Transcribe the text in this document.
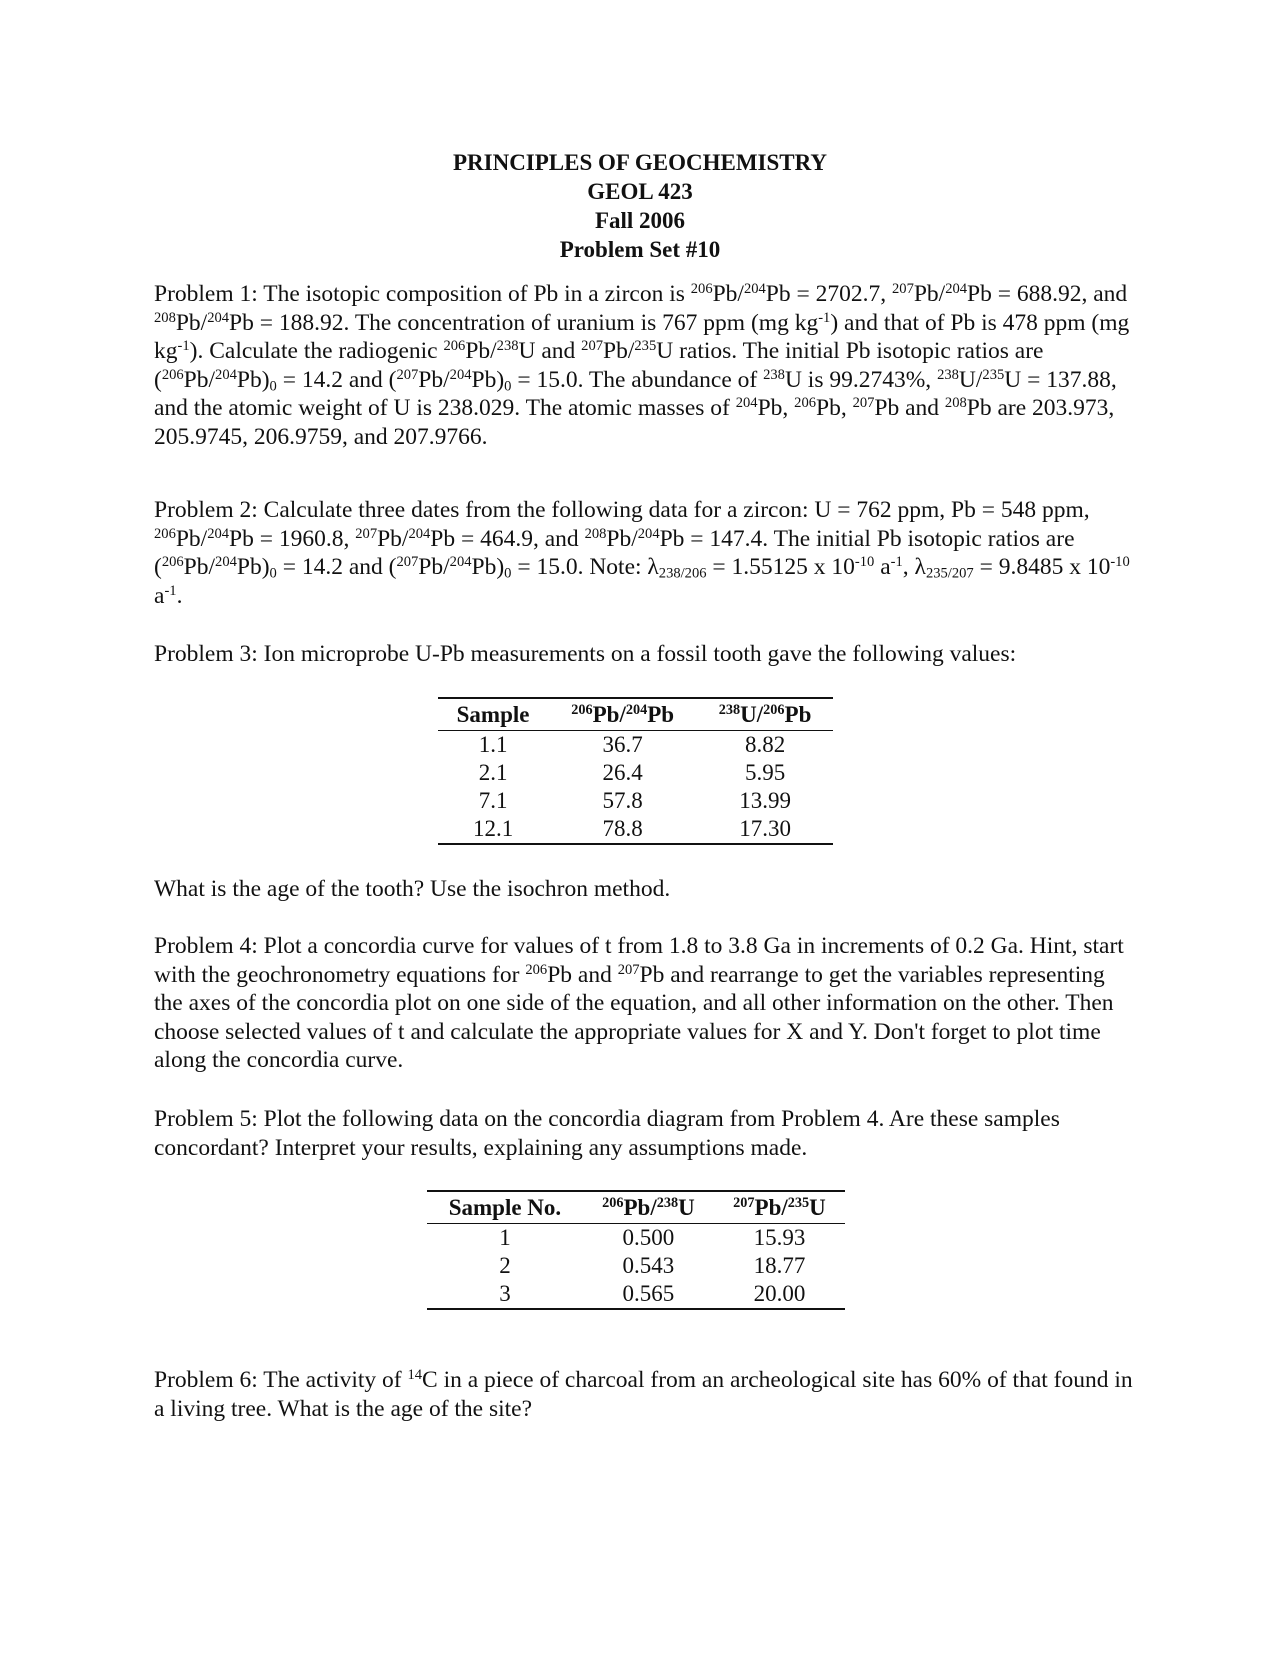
PRINCIPLES OF GEOCHEMISTRY
GEOL 423
Fall 2006
Problem Set #10

Problem 1: The isotopic composition of Pb in a zircon is $^{206}$Pb/$^{204}$Pb = 2702.7, $^{207}$Pb/$^{204}$Pb = 688.92, and $^{208}$Pb/$^{204}$Pb = 188.92. The concentration of uranium is 767 ppm (mg $kg^{-1}$) and that of Pb is 478 ppm (mg $kg^{-1}$). Calculate the radiogenic $^{206}$Pb/$^{238}$U and $^{207}$Pb/$^{235}$U ratios. The initial Pb isotopic ratios are $(^{206}Pb/^{204}Pb)_0 = 14.2$ and $(^{207}Pb/^{204}Pb)_0 = 15.0$. The abundance of $^{238}$U is 99.2743%, $^{238}$U/$^{235}$U = 137.88, and the atomic weight of U is 238.029. The atomic masses of $^{204}$Pb, $^{206}$Pb, $^{207}$Pb and $^{208}$Pb are 203.973, 205.9745, 206.9759, and 207.9766.

Problem 2: Calculate three dates from the following data for a zircon: U = 762 ppm, Pb = 548 ppm, $^{206}$Pb/$^{204}$Pb = 1960.8, $^{207}$Pb/$^{204}$Pb = 464.9, and $^{208}$Pb/$^{204}$Pb = 147.4. The initial Pb isotopic ratios are $(^{206}Pb/^{204}Pb)_0 = 14.2$ and $(^{207}Pb/^{204}Pb)_0 = 15.0$. Note: $\lambda_{238/206} = 1.55125$ x $10^{-10}$ $a^{-1}$, $\lambda_{235/207} = 9.8485$ x $10^{-10}$ $a^{-1}$.

Problem 3: Ion microprobe U-Pb measurements on a fossil tooth gave the following values:

Sample	$^{206}$Pb/$^{204}$Pb	$^{238}$U/$^{206}$Pb
1.1	36.7	8.82
2.1	26.4	5.95
7.1	57.8	13.99
12.1	78.8	17.30

What is the age of the tooth? Use the isochron method.

Problem 4: Plot a concordia curve for values of t from 1.8 to 3.8 Ga in increments of 0.2 Ga. Hint, start with the geochronometry equations for $^{206}$Pb and $^{207}$Pb and rearrange to get the variables representing the axes of the concordia plot on one side of the equation, and all other information on the other. Then choose selected values of t and calculate the appropriate values for X and Y. Don't forget to plot time along the concordia curve.

Problem 5: Plot the following data on the concordia diagram from Problem 4. Are these samples concordant? Interpret your results, explaining any assumptions made.

Sample No.	$^{206}$Pb/$^{238}$U	$^{207}$Pb/$^{235}$U
1	0.500	15.93
2	0.543	18.77
3	0.565	20.00

Problem 6: The activity of $^{14}$C in a piece of charcoal from an archeological site has 60% of that found in a living tree. What is the age of the site?
